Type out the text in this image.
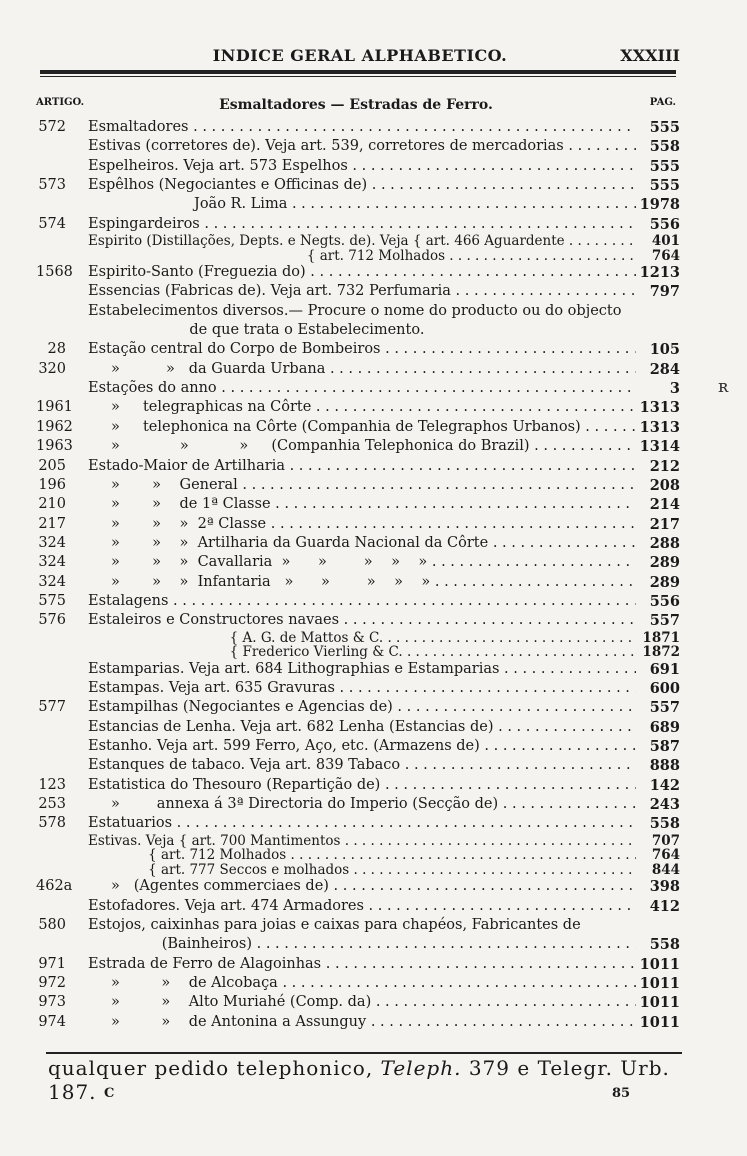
INDICE GERAL ALPHABETICO.	XXXIII
ARTIGO.	Esmaltadores — Estradas de Ferro.	PAG.
572 Esmaltadores . . .	555
Estivas (corretores de). Veja art. 539, corretores de mercadorias . . .	558
Espelheiros. Veja art. 573 Espelhos . . .	555
573 Espêlhos (Negociantes e Officinas de) . . .	555
João R. Lima . . .	1978
574 Espingardeiros . . .	556
Espirito (Distillações, Depts. e Negts. de). Veja { art. 466 Aguardente . . .	401
{ art. 712 Molhados . . .	764
1568 Espirito-Santo (Freguezia do) . . .	1213
Essencias (Fabricas de). Veja art. 732 Perfumaria . . .	797
Estabelecimentos diversos.— Procure o nome do producto ou do objecto
de que trata o Estabelecimento.
28 Estação central do Corpo de Bombeiros . . .	105
320 »          »   da Guarda Urbana . . .	284
Estações do anno . . .	3
1961 »     telegraphicas na Côrte . . .	1313
1962 »     telephonica na Côrte (Companhia de Telegraphos Urbanos) . . .	1313
1963 »             »           »     (Companhia Telephonica do Brazil) . . .	1314
205 Estado-Maior de Artilharia . . .	212
196 »       »    General . . .	208
210 »       »    de 1ª Classe . . .	214
217 »       »    »  2ª Classe . . .	217
324 »       »    »  Artilharia da Guarda Nacional da Côrte . . .	288
324 »       »    »  Cavallaria  »      »        »    »    » . . .	289
324 »       »    »  Infantaria   »      »        »    »    » . . .	289
575 Estalagens . . .	556
576 Estaleiros e Constructores navaes . . .	557
{ A. G. de Mattos & C. . . .	1871
{ Frederico Vierling & C. . . .	1872
Estamparias. Veja art. 684 Lithographias e Estamparias . . .	691
Estampas. Veja art. 635 Gravuras . . .	600
577 Estampilhas (Negociantes e Agencias de) . . .	557
Estancias de Lenha. Veja art. 682 Lenha (Estancias de) . . .	689
Estanho. Veja art. 599 Ferro, Aço, etc. (Armazens de) . . .	587
Estanques de tabaco. Veja art. 839 Tabaco . . .	888
123 Estatistica do Thesouro (Repartição de) . . .	142
253 »        annexa á 3ª Directoria do Imperio (Secção de) . . .	243
578 Estatuarios . . .	558
Estivas. Veja { art. 700 Mantimentos . . .	707
{ art. 712 Molhados . . .	764
{ art. 777 Seccos e molhados . . .	844
462a »   (Agentes commerciaes de) . . .	398
Estofadores. Veja art. 474 Armadores . . .	412
580 Estojos, caixinhas para joias e caixas para chapéos, Fabricantes de
(Bainheiros) . . .	558
971 Estrada de Ferro de Alagoinhas . . .	1011
972 »         »    de Alcobaça . . .	1011
973 »         »    Alto Muriahé (Comp. da) . . .	1011
974 »         »    de Antonina a Assunguy . . .	1011
qualquer pedido telephonico, Teleph. 379 e Telegr. Urb. 187. C	85
ʀ
